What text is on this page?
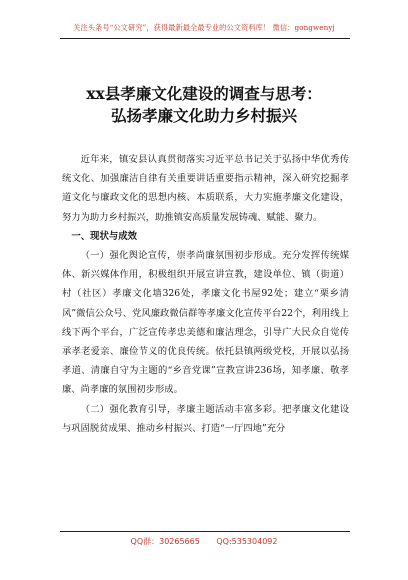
关注头条号“公文研究”，获得最新最全最专业的公文资料库！ 微信：gongwenyj
xx县孝廉文化建设的调查与思考：
弘扬孝廉文化助力乡村振兴

近年来，镇安县认真贯彻落实习近平总书记关于弘扬中华优秀传统文化、加强廉洁自律有关重要讲话重要指示精神，深入研究挖掘孝道文化与廉政文化的思想内核、本质联系，大力实施孝廉文化建设，努力为助力乡村振兴，助推镇安高质量发展铸魂、赋能、聚力。

一、现状与成效

（一）强化舆论宣传，崇孝尚廉氛围初步形成。充分发挥传统媒体、新兴媒体作用，积极组织开展宣讲宣教，建设单位、镇（街道）村（社区）孝廉文化墙326处，孝廉文化书屋92处；建立“栗乡清风”微信公众号、党风廉政微信群等孝廉文化宣传平台22个，利用线上线下两个平台，广泛宣传孝忠美德和廉洁理念，引导广大民众自觉传承孝老爱亲、廉俭节义的优良传统。依托县镇两级党校，开展以弘扬孝道、清廉自守为主题的“乡音党课”宣教宣讲236场，知孝廉、敬孝廉、尚孝廉的氛围初步形成。

（二）强化教育引导，孝廉主题活动丰富多彩。把孝廉文化建设与巩固脱贫成果、推动乡村振兴、打造“一厅四地”充分

QQ群：30265665 QQ:535304092
